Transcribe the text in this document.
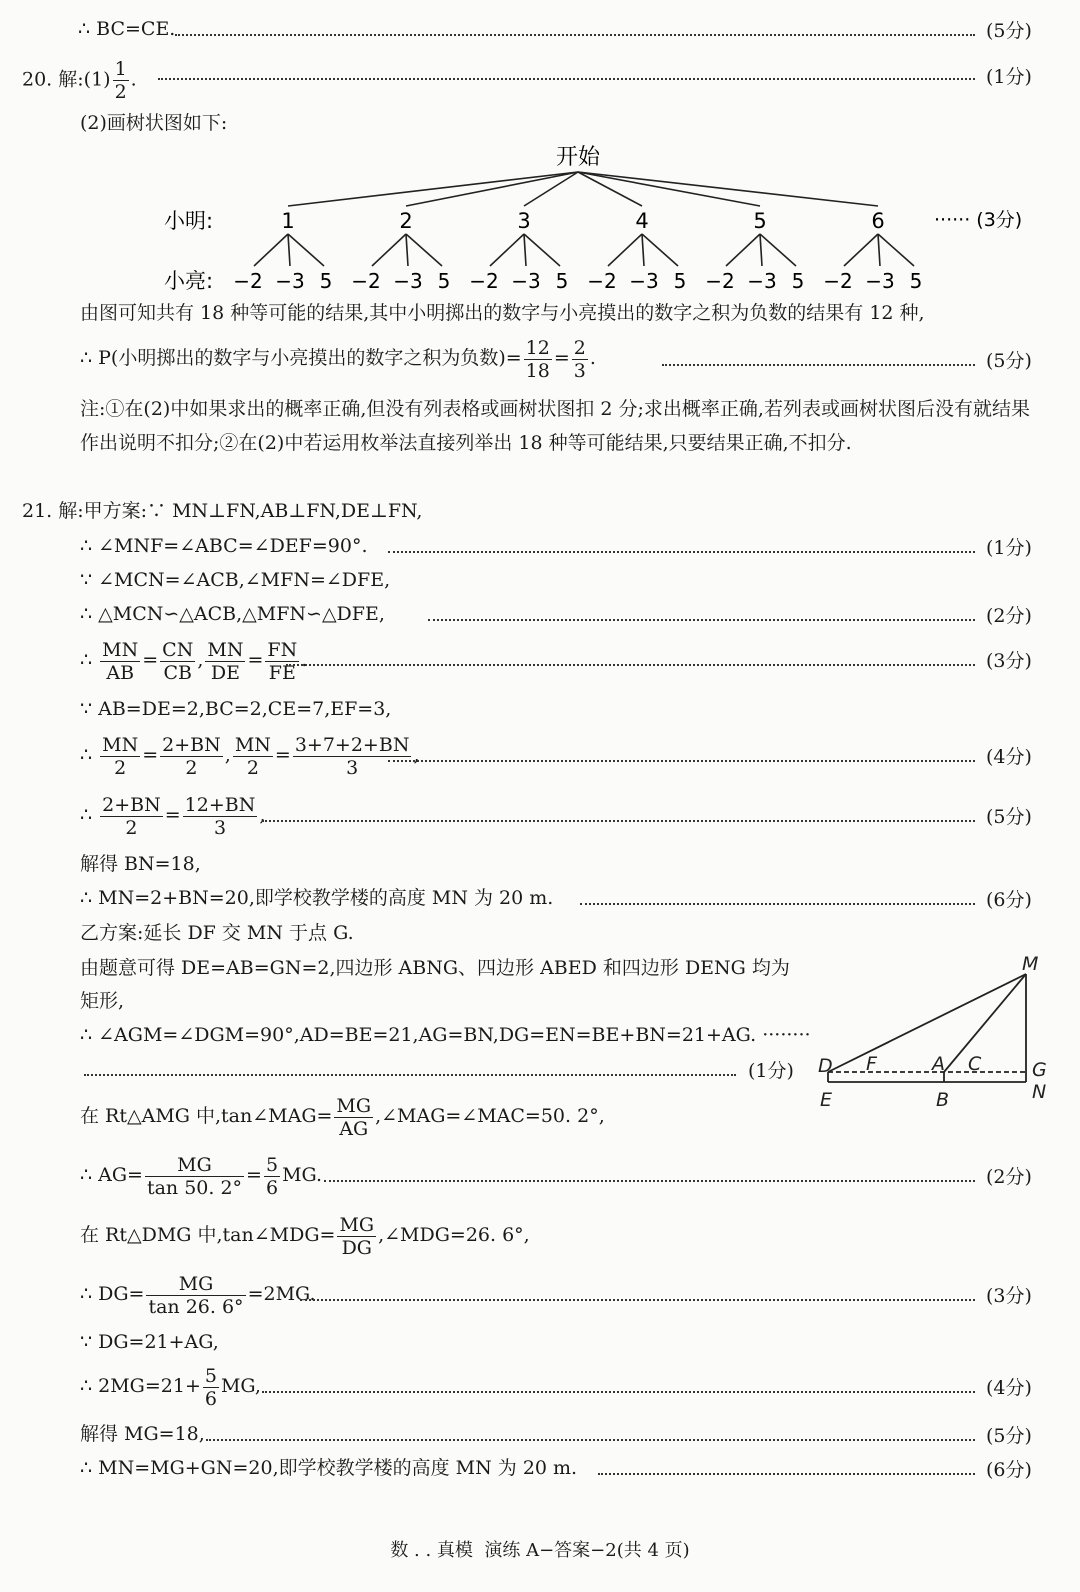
∴ BC=CE.	(5分)
20. 解:(1) $\frac{1}{2}$ .	(1分)
(2)画树状图如下:
开始
小明:	1	2	3	4	5	6
小亮: −2 −3 5 −2 −3 5 −2 −3 5 −2 −3 5 −2 −3 5 −2 −3 5
······ (3分)
由图可知共有 18 种等可能的结果,其中小明掷出的数字与小亮摸出的数字之积为负数的结果有 12 种,
∴ P(小明掷出的数字与小亮摸出的数字之积为负数)= $\frac{12}{18} = \frac{2}{3}$ .	(5分)
注:①在(2)中如果求出的概率正确,但没有列表格或画树状图扣 2 分;求出概率正确,若列表或画树状图后没有就结果作出说明不扣分;②在(2)中若运用枚举法直接列举出 18 种等可能结果,只要结果正确,不扣分.
21. 解:甲方案:∵ MN⊥FN,AB⊥FN,DE⊥FN,
∴ ∠MNF=∠ABC=∠DEF=90°.	(1分)
∵ ∠MCN=∠ACB,∠MFN=∠DFE,
∴ △MCN∽△ACB,△MFN∽△DFE,	(2分)
∴ $\frac{MN}{AB} = \frac{CN}{CB}$ , $\frac{MN}{DE} = \frac{FN}{FE}$ .	(3分)
∵ AB=DE=2,BC=2,CE=7,EF=3,
∴ $\frac{MN}{2} = \frac{2+BN}{2}$ , $\frac{MN}{2} = \frac{3+7+2+BN}{3}$ ,	(4分)
∴ $\frac{2+BN}{2} = \frac{12+BN}{3}$ ,	(5分)
解得 BN=18,
∴ MN=2+BN=20,即学校教学楼的高度 MN 为 20 m.	(6分)
乙方案:延长 DF 交 MN 于点 G.
由题意可得 DE=AB=GN=2,四边形 ABNG、四边形 ABED 和四边形 DENG 均为
矩形,
∴ ∠AGM=∠DGM=90°,AD=BE=21,AG=BN,DG=EN=BE+BN=21+AG. ········
(1分)
M
D F	A C	G
N
E	B
在 Rt△AMG 中,tan∠MAG= $\frac{MG}{AG}$ ,∠MAG=∠MAC=50. 2°,
∴ $AG= \frac{MG}{\tan 50. 2^\circ} = \frac{5}{6}$ MG.	(2分)
在 Rt△DMG 中,tan∠MDG= $\frac{MG}{DG}$ ,∠MDG=26. 6°,
∴ $DG= \frac{MG}{\tan 26. 6^\circ} =2MG$.	(3分)
∵ DG=21+AG,
∴ $2MG=21+ \frac{5}{6}$ MG,	(4分)
解得 MG=18,	(5分)
∴ MN=MG+GN=20,即学校教学楼的高度 MN 为 20 m.	(6分)
数 . . 真模 ‌ 演练 A−答案−2(共 4 页)
